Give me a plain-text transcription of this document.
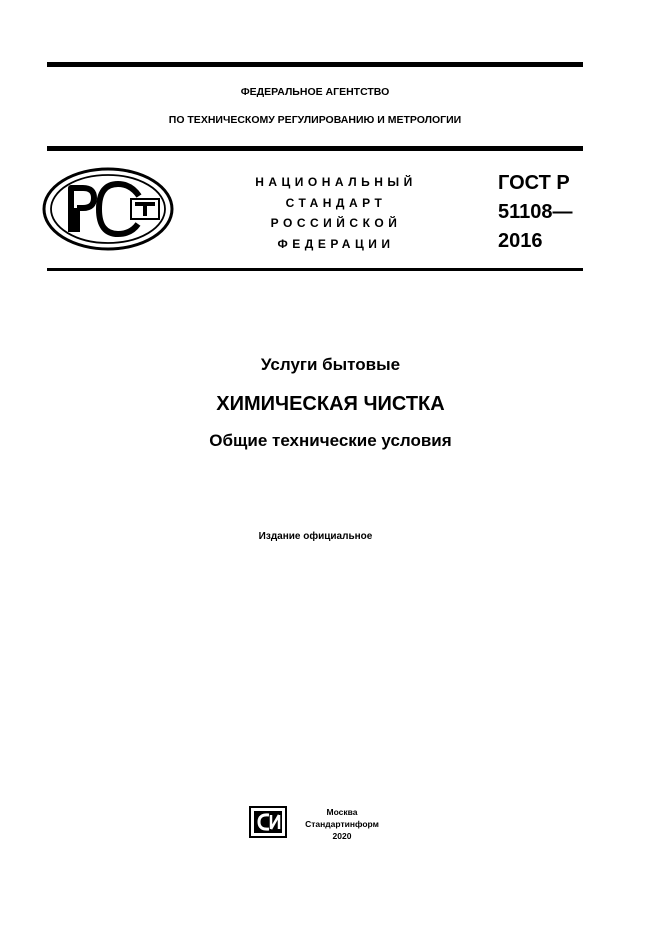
ФЕДЕРАЛЬНОЕ АГЕНТСТВО
ПО ТЕХНИЧЕСКОМУ РЕГУЛИРОВАНИЮ И МЕТРОЛОГИИ
НАЦИОНАЛЬНЫЙ
СТАНДАРТ
РОССИЙСКОЙ
ФЕДЕРАЦИИ
ГОСТ Р
51108—
2016
Услуги бытовые
ХИМИЧЕСКАЯ ЧИСТКА
Общие технические условия
Издание официальное
Москва
Стандартинформ
2020
